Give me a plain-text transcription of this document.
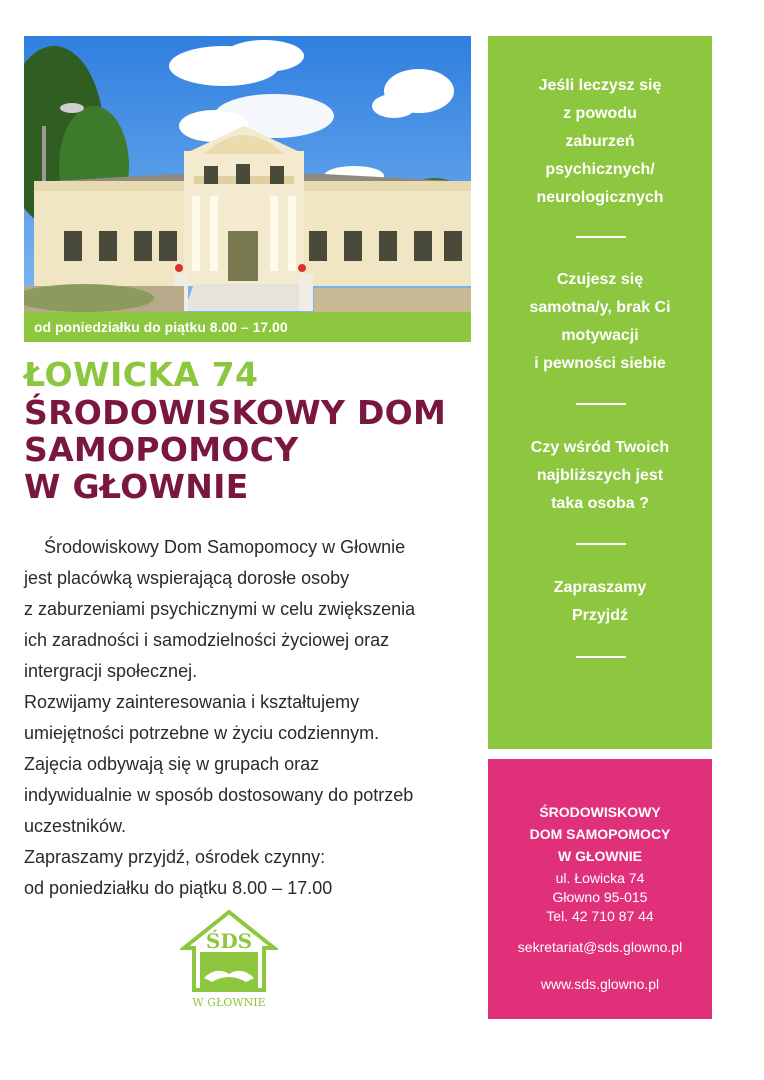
od poniedziałku do piątku 8.00 – 17.00
ŁOWICKA 74
ŚRODOWISKOWY DOM
SAMOPOMOCY
W GŁOWNIE
Środowiskowy Dom Samopomocy w Głownie
jest placówką wspierającą dorosłe osoby
z zaburzeniami psychicznymi w celu zwiększenia
ich zaradności i samodzielności życiowej oraz
intergracji społecznej.
Rozwijamy zainteresowania i kształtujemy
umiejętności potrzebne w życiu codziennym.
Zajęcia odbywają się w grupach oraz
indywidualnie w sposób dostosowany do potrzeb
uczestników.
Zapraszamy przyjdź, ośrodek czynny:
od poniedziałku do piątku 8.00 – 17.00
ŚDS
W GŁOWNIE
Jeśli leczysz się
z powodu
zaburzeń
psychicznych/
neurologicznych
Czujesz się
samotna/y, brak Ci
motywacji
i pewności siebie
Czy wśród Twoich
najbliższych jest
taka osoba ?
Zapraszamy
Przyjdź
ŚRODOWISKOWY
DOM SAMOPOMOCY
W GŁOWNIE
ul. Łowicka 74
Głowno 95-015
Tel. 42 710 87 44
sekretariat@sds.glowno.pl
www.sds.glowno.pl
